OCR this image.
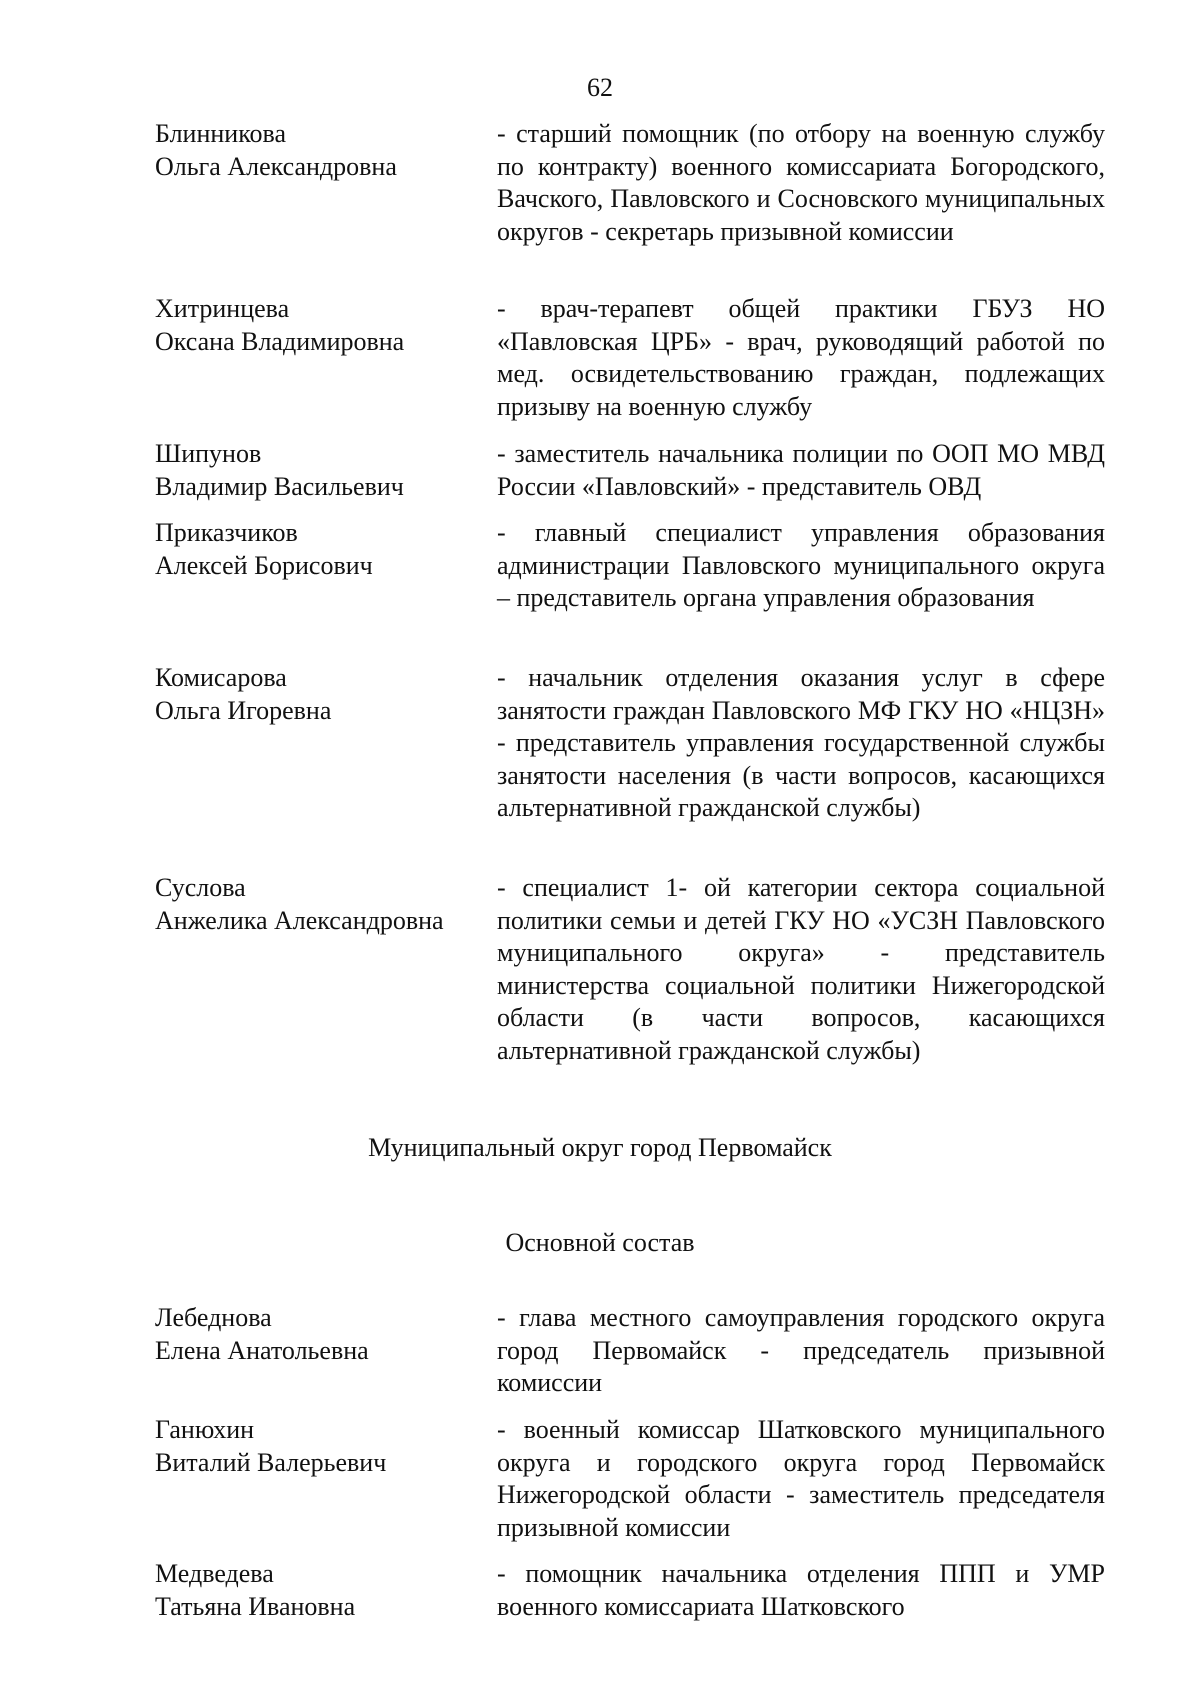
62
Блинникова
Ольга Александровна
- старший помощник (по отбору на военную службу по контракту) военного комиссариата Богородского, Вачского, Павловского и Сосновского муниципальных округов - секретарь призывной комиссии
Хитринцева
Оксана Владимировна
- врач-терапевт общей практики ГБУЗ НО «Павловская ЦРБ» - врач, руководящий работой по мед. освидетельствованию граждан, подлежащих призыву на военную службу
Шипунов
Владимир Васильевич
- заместитель начальника полиции по ООП МО МВД России «Павловский» - представитель ОВД
Приказчиков
Алексей Борисович
- главный специалист управления образования администрации Павловского муниципального округа – представитель органа управления образования
Комисарова
Ольга Игоревна
- начальник отделения оказания услуг в сфере занятости граждан Павловского МФ ГКУ НО «НЦЗН» - представитель управления государственной службы занятости населения (в части вопросов, касающихся альтернативной гражданской службы)
Суслова
Анжелика Александровна
- специалист 1- ой категории сектора социальной политики семьи и детей ГКУ НО «УСЗН Павловского муниципального округа» - представитель министерства социальной политики Нижегородской области (в части вопросов, касающихся альтернативной гражданской службы)
Муниципальный округ город Первомайск
Основной состав
Лебеднова
Елена Анатольевна
- глава местного самоуправления городского округа город Первомайск - председатель призывной комиссии
Ганюхин
Виталий Валерьевич
- военный комиссар Шатковского муниципального округа и городского округа город Первомайск Нижегородской области - заместитель председателя призывной комиссии
Медведева
Татьяна Ивановна
- помощник начальника отделения ППП и УМР военного комиссариата Шатковского
